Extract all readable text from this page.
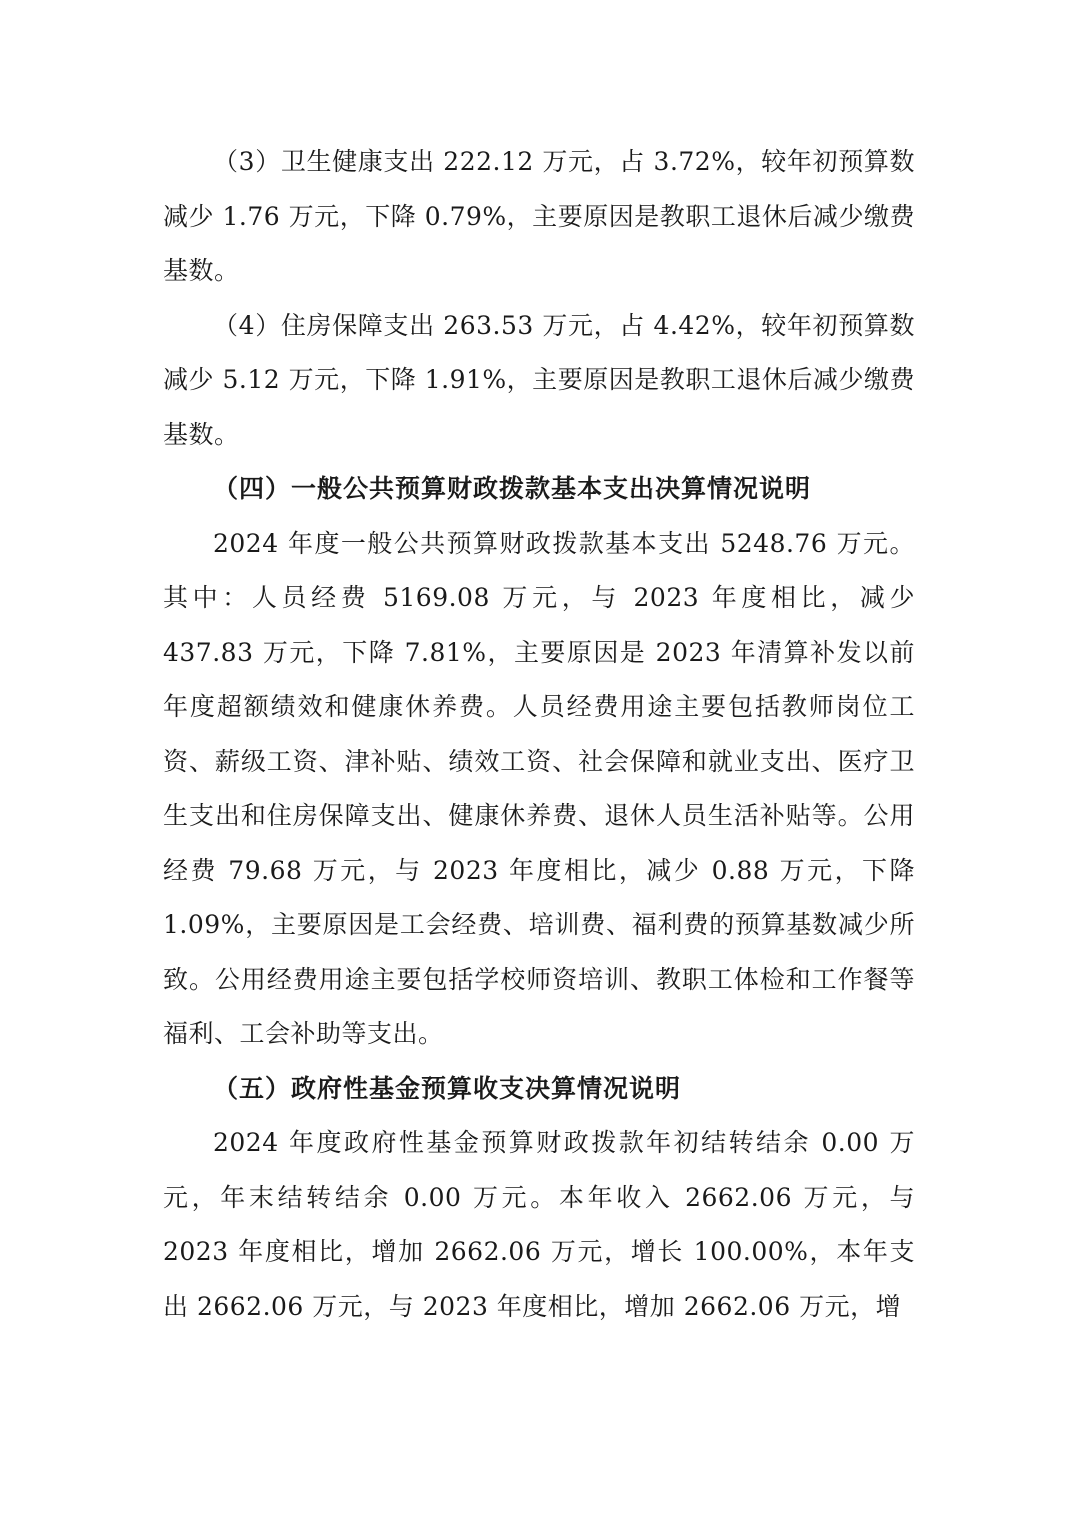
（3）卫生健康支出 222.12 万元，占 3.72%，较年初预算数减少 1.76 万元，下降 0.79%，主要原因是教职工退休后减少缴费基数。

（4）住房保障支出 263.53 万元，占 4.42%，较年初预算数减少 5.12 万元，下降 1.91%，主要原因是教职工退休后减少缴费基数。

（四）一般公共预算财政拨款基本支出决算情况说明

2024 年度一般公共预算财政拨款基本支出 5248.76 万元。其中：人员经费 5169.08 万元，与 2023 年度相比，减少 437.83 万元，下降 7.81%，主要原因是 2023 年清算补发以前年度超额绩效和健康休养费。人员经费用途主要包括教师岗位工资、薪级工资、津补贴、绩效工资、社会保障和就业支出、医疗卫生支出和住房保障支出、健康休养费、退休人员生活补贴等。公用经费 79.68 万元，与 2023 年度相比，减少 0.88 万元，下降 1.09%，主要原因是工会经费、培训费、福利费的预算基数减少所致。公用经费用途主要包括学校师资培训、教职工体检和工作餐等福利、工会补助等支出。

（五）政府性基金预算收支决算情况说明

2024 年度政府性基金预算财政拨款年初结转结余 0.00 万元，年末结转结余 0.00 万元。本年收入 2662.06 万元，与 2023 年度相比，增加 2662.06 万元，增长 100.00%，本年支出 2662.06 万元，与 2023 年度相比，增加 2662.06 万元，增
